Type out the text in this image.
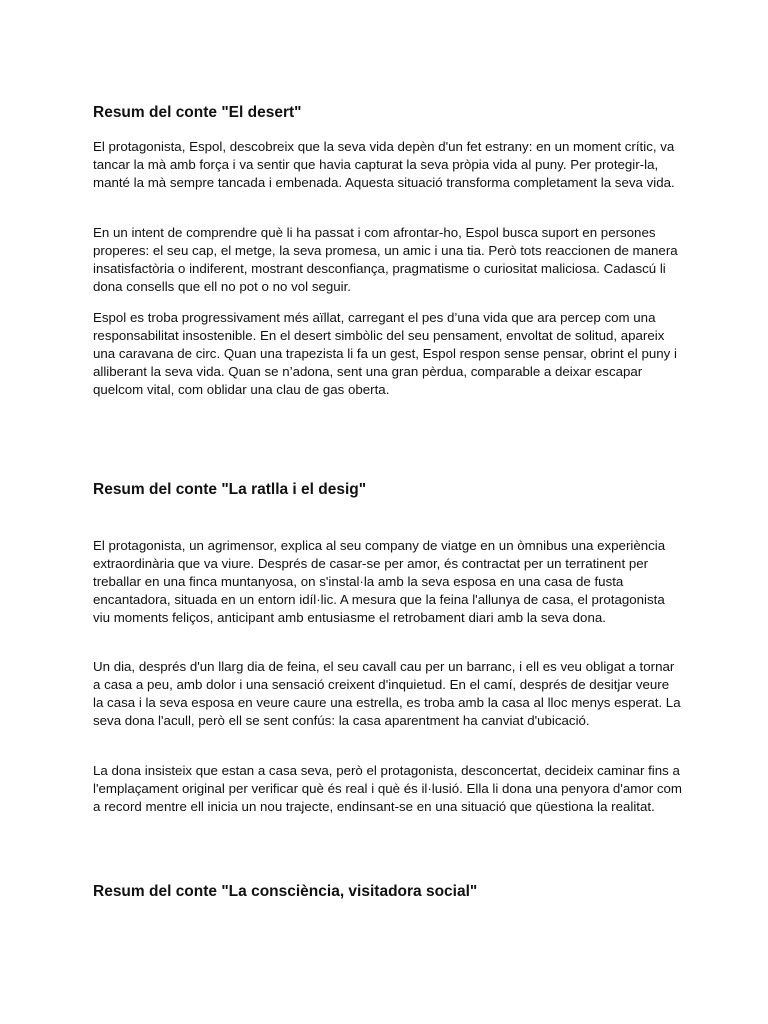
Resum del conte "El desert"

El protagonista, Espol, descobreix que la seva vida depèn d'un fet estrany: en un moment crític, va tancar la mà amb força i va sentir que havia capturat la seva pròpia vida al puny. Per protegir-la, manté la mà sempre tancada i embenada. Aquesta situació transforma completament la seva vida.

En un intent de comprendre què li ha passat i com afrontar-ho, Espol busca suport en persones properes: el seu cap, el metge, la seva promesa, un amic i una tia. Però tots reaccionen de manera insatisfactòria o indiferent, mostrant desconfiança, pragmatisme o curiositat maliciosa. Cadascú li dona consells que ell no pot o no vol seguir.

Espol es troba progressivament més aïllat, carregant el pes d’una vida que ara percep com una responsabilitat insostenible. En el desert simbòlic del seu pensament, envoltat de solitud, apareix una caravana de circ. Quan una trapezista li fa un gest, Espol respon sense pensar, obrint el puny i alliberant la seva vida. Quan se n’adona, sent una gran pèrdua, comparable a deixar escapar quelcom vital, com oblidar una clau de gas oberta.

Resum del conte "La ratlla i el desig"

El protagonista, un agrimensor, explica al seu company de viatge en un òmnibus una experiència extraordinària que va viure. Després de casar-se per amor, és contractat per un terratinent per treballar en una finca muntanyosa, on s'instal·la amb la seva esposa en una casa de fusta encantadora, situada en un entorn idíl·lic. A mesura que la feina l'allunya de casa, el protagonista viu moments feliços, anticipant amb entusiasme el retrobament diari amb la seva dona.

Un dia, després d'un llarg dia de feina, el seu cavall cau per un barranc, i ell es veu obligat a tornar a casa a peu, amb dolor i una sensació creixent d'inquietud. En el camí, després de desitjar veure la casa i la seva esposa en veure caure una estrella, es troba amb la casa al lloc menys esperat. La seva dona l'acull, però ell se sent confús: la casa aparentment ha canviat d'ubicació.

La dona insisteix que estan a casa seva, però el protagonista, desconcertat, decideix caminar fins a l'emplaçament original per verificar què és real i què és il·lusió. Ella li dona una penyora d'amor com a record mentre ell inicia un nou trajecte, endinsant-se en una situació que qüestiona la realitat.

Resum del conte "La consciència, visitadora social"
